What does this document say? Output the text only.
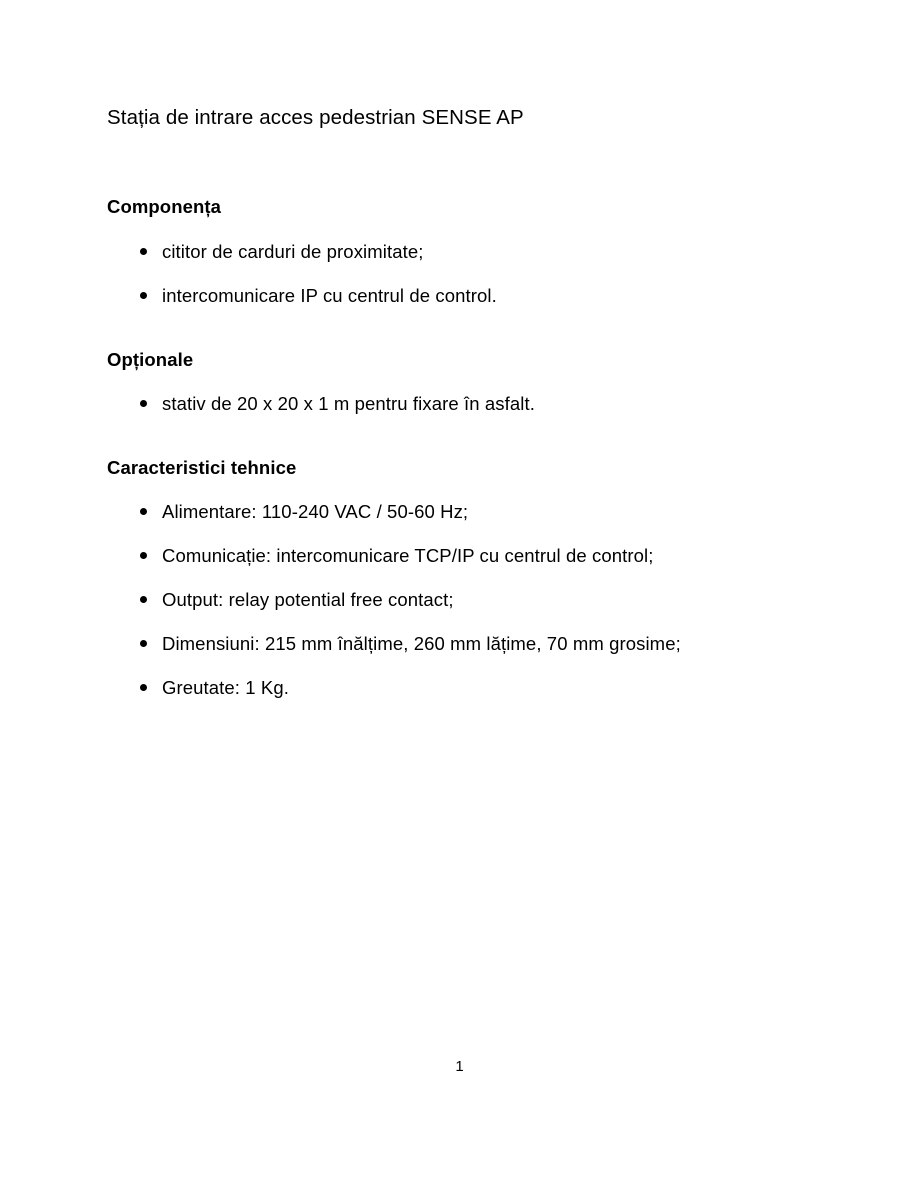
Stația de intrare acces pedestrian SENSE AP
Componența
cititor de carduri de proximitate;
intercomunicare IP cu centrul de control.
Opționale
stativ de 20 x 20 x 1 m pentru fixare în asfalt.
Caracteristici tehnice
Alimentare: 110-240 VAC / 50-60 Hz;
Comunicație: intercomunicare TCP/IP cu centrul de control;
Output: relay potential free contact;
Dimensiuni: 215 mm înălțime, 260 mm lățime, 70 mm grosime;
Greutate: 1 Kg.
1
